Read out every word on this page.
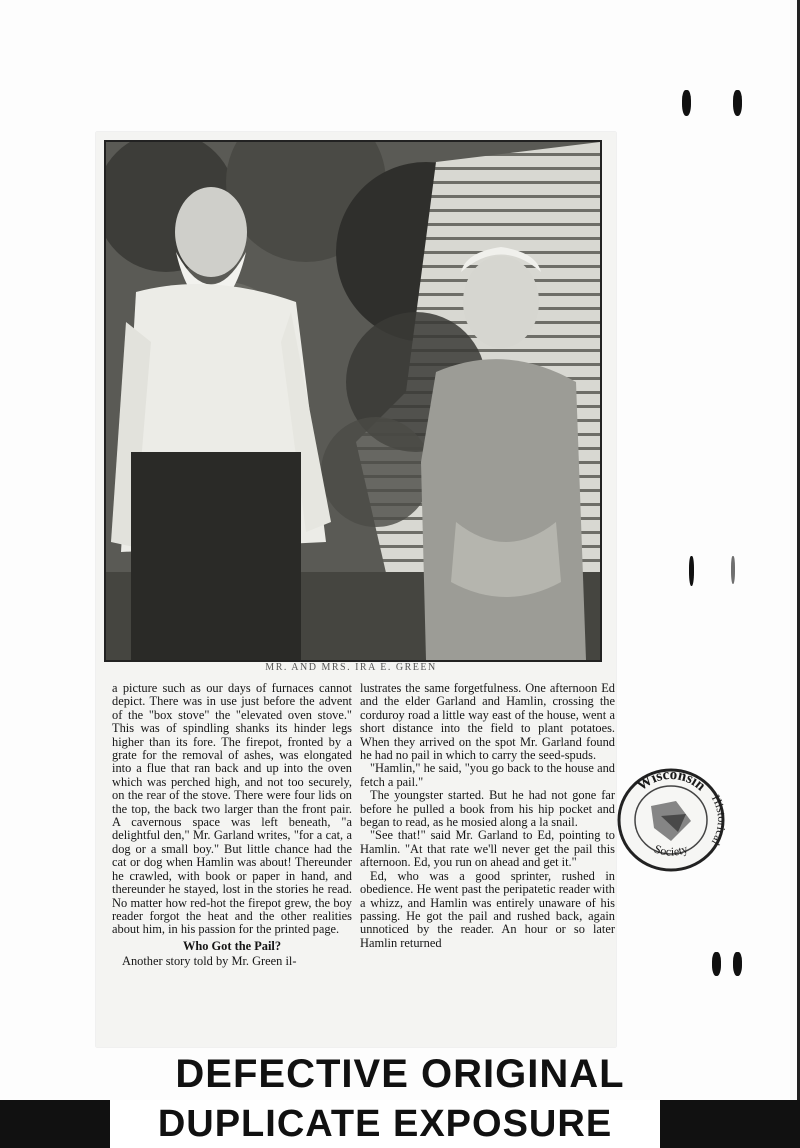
MR. AND MRS. IRA E. GREEN

a picture such as our days of furnaces cannot depict. There was in use just before the advent of the "box stove" the "elevated oven stove." This was of spindling shanks its hinder legs higher than its fore. The firepot, fronted by a grate for the removal of ashes, was elongated into a flue that ran back and up into the oven which was perched high, and not too securely, on the rear of the stove. There were four lids on the top, the back two larger than the front pair. A cavernous space was left beneath, "a delightful den," Mr. Garland writes, "for a cat, a dog or a small boy." But little chance had the cat or dog when Hamlin was about! Thereunder he crawled, with book or paper in hand, and thereunder he stayed, lost in the stories he read. No matter how red-hot the firepot grew, the boy reader forgot the heat and the other realities about him, in his passion for the printed page.

Who Got the Pail?

Another story told by Mr. Green il-

lustrates the same forgetfulness. One afternoon Ed and the elder Garland and Hamlin, crossing the corduroy road a little way east of the house, went a short distance into the field to plant potatoes. When they arrived on the spot Mr. Garland found he had no pail in which to carry the seed-spuds.

"Hamlin," he said, "you go back to the house and fetch a pail."

The youngster started. But he had not gone far before he pulled a book from his hip pocket and began to read, as he mosied along a la snail.

"See that!" said Mr. Garland to Ed, pointing to Hamlin. "At that rate we'll never get the pail this afternoon. Ed, you run on ahead and get it."

Ed, who was a good sprinter, rushed in obedience. He went past the peripatetic reader with a whizz, and Hamlin was entirely unaware of his passing. He got the pail and rushed back, again unnoticed by the reader. An hour or so later Hamlin returned

Wisconsin
Hi cal
Society
DEFECTIVE ORIGINAL
DUPLICATE EXPOSURE
